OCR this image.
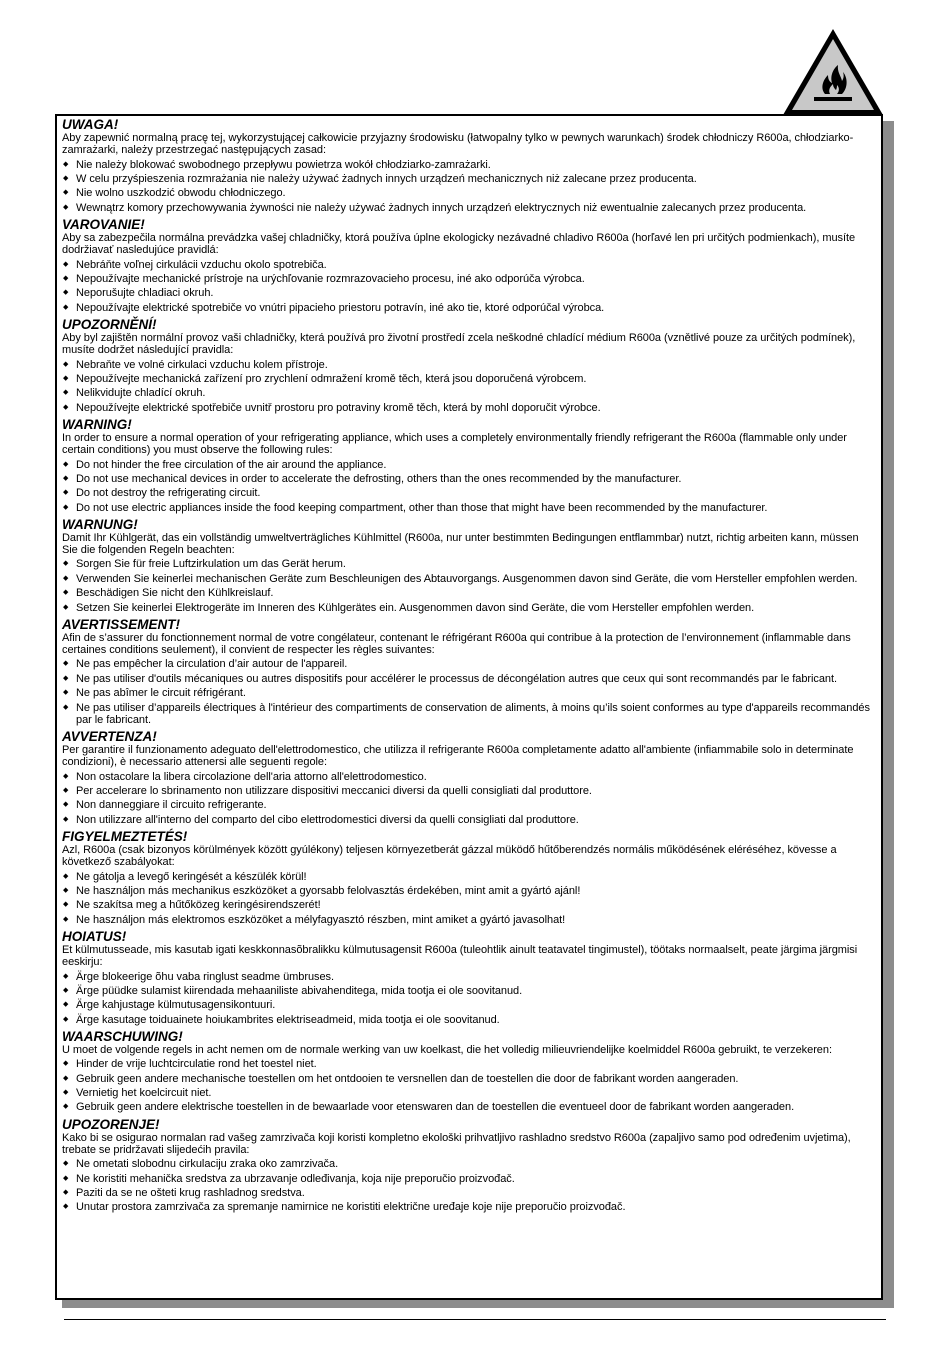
UWAGA!
Aby zapewnić normalną pracę tej, wykorzystującej całkowicie przyjazny środowisku (łatwopalny tylko w pewnych warunkach) środek chłodniczy R600a, chłodziarko-zamrażarki, należy przestrzegać następujących zasad:
◆ Nie należy blokować swobodnego przepływu powietrza wokół chłodziarko-zamrażarki.
◆ W celu przyśpieszenia rozmrażania nie należy używać żadnych innych urządzeń mechanicznych niż zalecane przez producenta.
◆ Nie wolno uszkodzić obwodu chłodniczego.
◆ Wewnątrz komory przechowywania żywności nie należy używać żadnych innych urządzeń elektrycznych niż ewentualnie zalecanych przez producenta.
VAROVANIE!
Aby sa zabezpečila normálna prevádzka vašej chladničky, ktorá používa úplne ekologicky nezávadné chladivo R600a (horľavé len pri určitých podmienkach), musíte dodržiavať nasledujúce pravidlá:
◆ Nebráňte voľnej cirkulácii vzduchu okolo spotrebiča.
◆ Nepoužívajte mechanické prístroje na urýchľovanie rozmrazovacieho procesu, iné ako odporúča výrobca.
◆ Neporušujte chladiaci okruh.
◆ Nepoužívajte elektrické spotrebiče vo vnútri pipacieho priestoru potravín, iné ako tie, ktoré odporúčal výrobca.
UPOZORNĚNÍ!
Aby byl zajištěn normální provoz vaši chladničky, která používá pro životní prostředí zcela neškodné chladící médium R600a (vznětlivé pouze za určitých podmínek), musíte dodržet následující pravidla:
◆ Nebraňte ve volné cirkulaci vzduchu kolem přístroje.
◆ Nepoužívejte mechanická zařízení pro zrychlení odmražení kromě těch, která jsou doporučená výrobcem.
◆ Nelikvidujte chladící okruh.
◆ Nepoužívejte elektrické spotřebiče uvnitř prostoru pro potraviny kromě těch, která by mohl doporučit výrobce.
WARNING!
In order to ensure a normal operation of your refrigerating appliance, which uses a completely environmentally friendly refrigerant the R600a (flammable only under certain conditions) you must observe the following rules:
◆ Do not hinder the free circulation of the air around the appliance.
◆ Do not use mechanical devices in order to accelerate the defrosting, others than the ones recommended by the manufacturer.
◆ Do not destroy the refrigerating circuit.
◆ Do not use electric appliances inside the food keeping compartment, other than those that might have been recommended by the manufacturer.
WARNUNG!
Damit Ihr Kühlgerät, das ein vollständig umweltverträgliches Kühlmittel (R600a, nur unter bestimmten Bedingungen entflammbar) nutzt, richtig arbeiten kann, müssen Sie die folgenden Regeln beachten:
◆ Sorgen Sie für freie Luftzirkulation um das Gerät herum.
◆ Verwenden Sie keinerlei mechanischen Geräte zum Beschleunigen des Abtauvorgangs. Ausgenommen davon sind Geräte, die vom Hersteller empfohlen werden.
◆ Beschädigen Sie nicht den Kühlkreislauf.
◆ Setzen Sie keinerlei Elektrogeräte im Inneren des Kühlgerätes ein. Ausgenommen davon sind Geräte, die vom Hersteller empfohlen werden.
AVERTISSEMENT!
Afin de s’assurer du fonctionnement normal de votre congélateur, contenant le réfrigérant R600a qui contribue à la protection de l’environnement (inflammable dans certaines conditions seulement), il convient de respecter les règles suivantes:
◆ Ne pas empêcher la circulation d’air autour de l'appareil.
◆ Ne pas utiliser d'outils mécaniques ou autres dispositifs pour accélérer le processus de décongélation autres que ceux qui sont recommandés par le fabricant.
◆ Ne pas abîmer le circuit réfrigérant.
◆ Ne pas utiliser d’appareils électriques à l'intérieur des compartiments de conservation de aliments, à moins qu’ils soient conformes au type d'appareils recommandés par le fabricant.
AVVERTENZA!
Per garantire il funzionamento adeguato dell'elettrodomestico, che utilizza il refrigerante R600a completamente adatto all'ambiente (infiammabile solo in determinate condizioni), è necessario attenersi alle seguenti regole:
◆ Non ostacolare la libera circolazione dell'aria attorno all'elettrodomestico.
◆ Per accelerare lo sbrinamento non utilizzare dispositivi meccanici diversi da quelli consigliati dal produttore.
◆ Non danneggiare il circuito refrigerante.
◆ Non utilizzare all'interno del comparto del cibo elettrodomestici diversi da quelli consigliati dal produttore.
FIGYELMEZTETÉS!
Azl, R600a (csak bizonyos körülmények között gyúlékony) teljesen környezetberát gázzal müködő hűtőberendzés normális működésének eléréséhez, kövesse a következő szabályokat:
◆ Ne gátolja a levegő keringését a készülék körül!
◆ Ne használjon más mechanikus eszközöket a gyorsabb felolvasztás érdekében, mint amit a gyártó ajánl!
◆ Ne szakítsa meg a hűtőközeg keringésirendszerét!
◆ Ne használjon más elektromos eszközöket a mélyfagyasztó részben, mint amiket a gyártó javasolhat!
HOIATUS!
Et külmutusseade, mis kasutab igati keskkonnasõbralikku külmutusagensit R600a (tuleohtlik ainult teatavatel tingimustel), töötaks normaalselt, peate järgima järgmisi eeskirju:
◆ Ärge blokeerige õhu vaba ringlust seadme ümbruses.
◆ Ärge püüdke sulamist kiirendada mehaaniliste abivahenditega, mida tootja ei ole soovitanud.
◆ Ärge kahjustage külmutusagensikontuuri.
◆ Ärge kasutage toiduainete hoiukambrites elektriseadmeid, mida tootja ei ole soovitanud.
WAARSCHUWING!
U moet de volgende regels in acht nemen om de normale werking van uw koelkast, die het volledig milieuvriendelijke koelmiddel R600a gebruikt, te verzekeren:
◆ Hinder de vrije luchtcirculatie rond het toestel niet.
◆ Gebruik geen andere mechanische toestellen om het ontdooien te versnellen dan de toestellen die door de fabrikant worden aangeraden.
◆ Vernietig het koelcircuit niet.
◆ Gebruik geen andere elektrische toestellen in de bewaarlade voor etenswaren dan de toestellen die eventueel door de fabrikant worden aangeraden.
UPOZORENJE!
Kako bi se osigurao normalan rad vašeg zamrzivača koji koristi kompletno ekološki prihvatljivo rashladno sredstvo R600a (zapaljivo samo pod određenim uvjetima), trebate se pridržavati slijedećih pravila:
◆ Ne ometati slobodnu cirkulaciju zraka oko zamrzivača.
◆ Ne koristiti mehanička sredstva za ubrzavanje odleđivanja, koja nije preporučio proizvođač.
◆ Paziti da se ne ošteti krug rashladnog sredstva.
◆ Unutar prostora zamrzivača za spremanje namirnice ne koristiti električne uređaje koje nije preporučio proizvođač.
